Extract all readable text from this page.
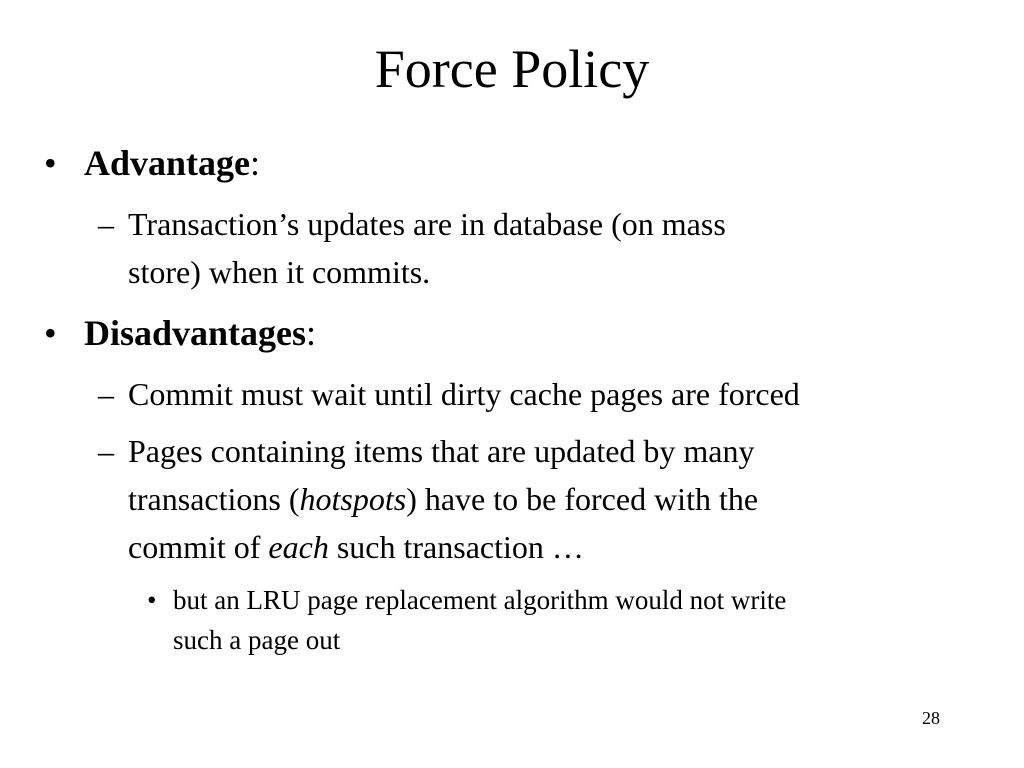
Force Policy
• Advantage:
– Transaction’s updates are in database (on mass
store) when it commits.
• Disadvantages:
– Commit must wait until dirty cache pages are forced
– Pages containing items that are updated by many
transactions (hotspots) have to be forced with the
commit of each such transaction …
• but an LRU page replacement algorithm would not write
such a page out
28
